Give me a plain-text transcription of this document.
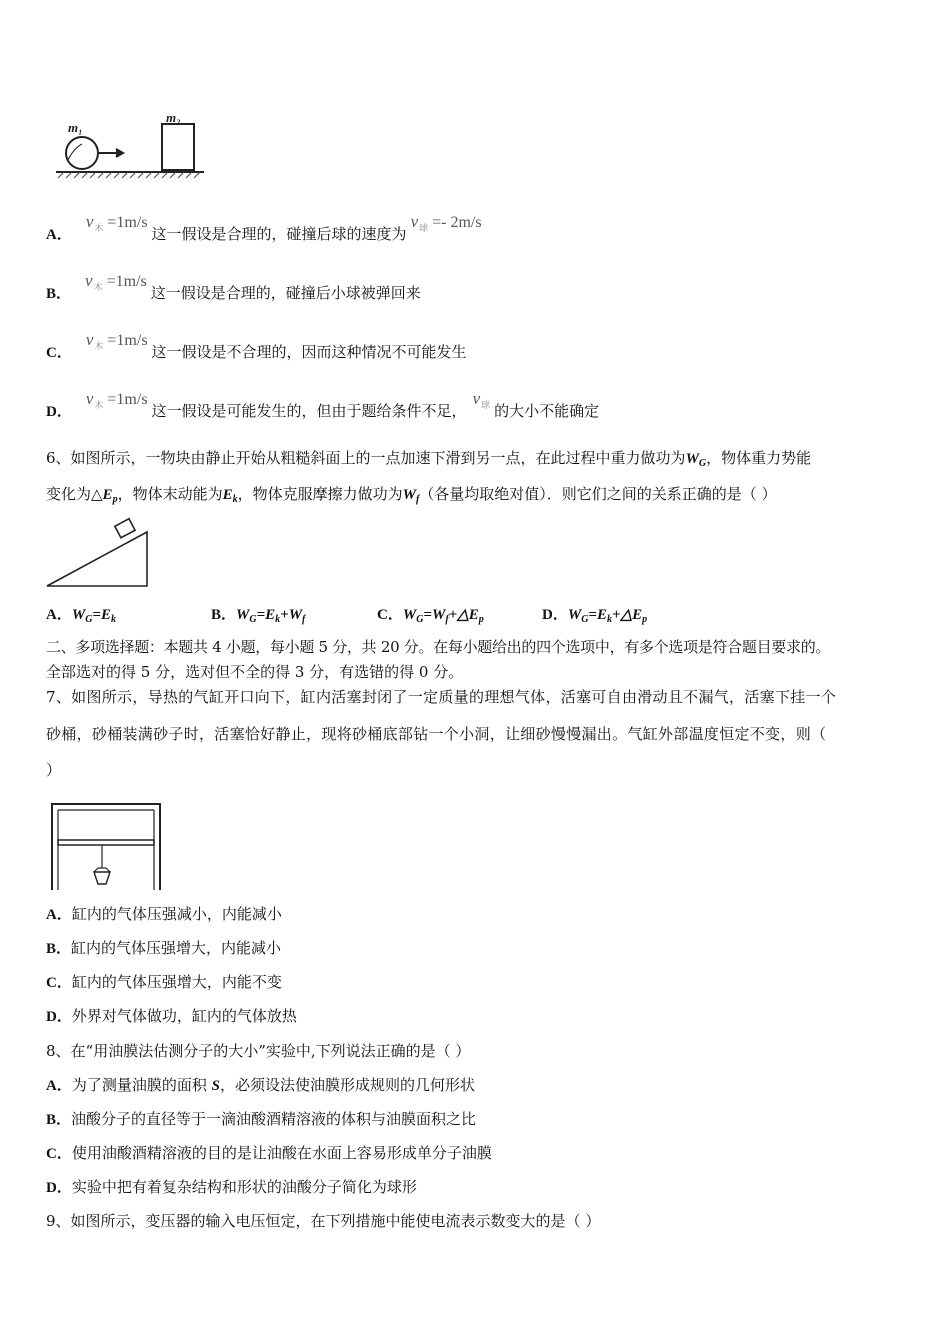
m₁
m₂
A．$v_木 =1m/s$这一假设是合理的，碰撞后球的速度为$v_球 =- 2m/s$
B．$v_木 =1m/s$这一假设是合理的，碰撞后小球被弹回来
C．$v_木 =1m/s$这一假设是不合理的，因而这种情况不可能发生
D．$v_木 =1m/s$这一假设是可能发生的，但由于题给条件不足，$v_球$ 的大小不能确定
6、如图所示，一物块由静止开始从粗糙斜面上的一点加速下滑到另一点，在此过程中重力做功为$W_G$，物体重力势能
变化为$\triangle E_p$，物体末动能为$E_k$，物体克服摩擦力做功为$W_f$（各量均取绝对值）．则它们之间的关系正确的是（ ）
A．$W_G=E_k$	B．$W_G=E_k+W_f$	C．$W_G=W_f+\triangle E_p$	D．$W_G=E_k+\triangle E_p$
二、多项选择题：本题共 4 小题，每小题 5 分，共 20 分。在每小题给出的四个选项中，有多个选项是符合题目要求的。
全部选对的得 5 分，选对但不全的得 3 分，有选错的得 0 分。
7、如图所示，导热的气缸开口向下，缸内活塞封闭了一定质量的理想气体，活塞可自由滑动且不漏气，活塞下挂一个
砂桶，砂桶装满砂子时，活塞恰好静止，现将砂桶底部钻一个小洞，让细砂慢慢漏出。气缸外部温度恒定不变，则（
）
A．缸内的气体压强减小，内能减小
B．缸内的气体压强增大，内能减小
C．缸内的气体压强增大，内能不变
D．外界对气体做功，缸内的气体放热
8、在“用油膜法估测分子的大小”实验中,下列说法正确的是（ ）
A．为了测量油膜的面积 S，必须设法使油膜形成规则的几何形状
B．油酸分子的直径等于一滴油酸酒精溶液的体积与油膜面积之比
C．使用油酸酒精溶液的目的是让油酸在水面上容易形成单分子油膜
D．实验中把有着复杂结构和形状的油酸分子简化为球形
9、如图所示，变压器的输入电压恒定，在下列措施中能使电流表示数变大的是（ ）
